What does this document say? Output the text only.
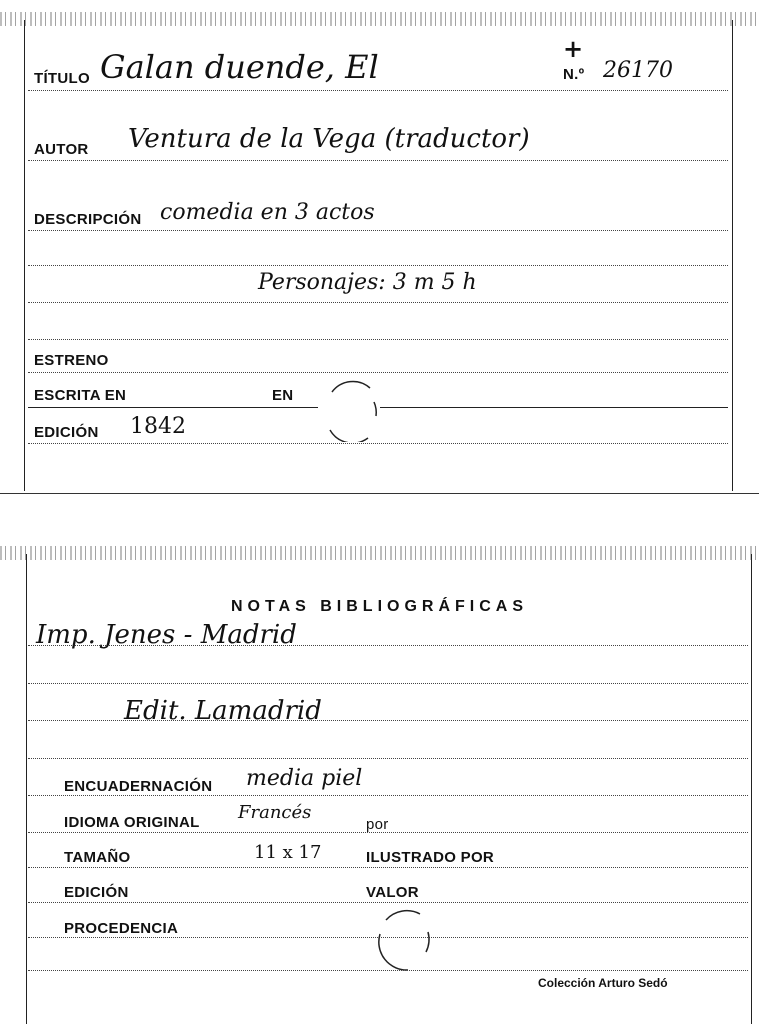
TÍTULO Galan duende, El	+
N.º 26170
AUTOR Ventura de la Vega (traductor)
DESCRIPCIÓN comedia en 3 actos
Personajes: 3 m 5 h
ESTRENO
ESCRITA EN	EN
EDICIÓN 1842
NOTAS BIBLIOGRÁFICAS
Imp. Jenes - Madrid
Edit. Lamadrid
ENCUADERNACIÓN media piel
IDIOMA ORIGINAL Francés
por
TAMAÑO	11 x 17	ILUSTRADO POR
EDICIÓN	VALOR
PROCEDENCIA
Colección Arturo Sedó
